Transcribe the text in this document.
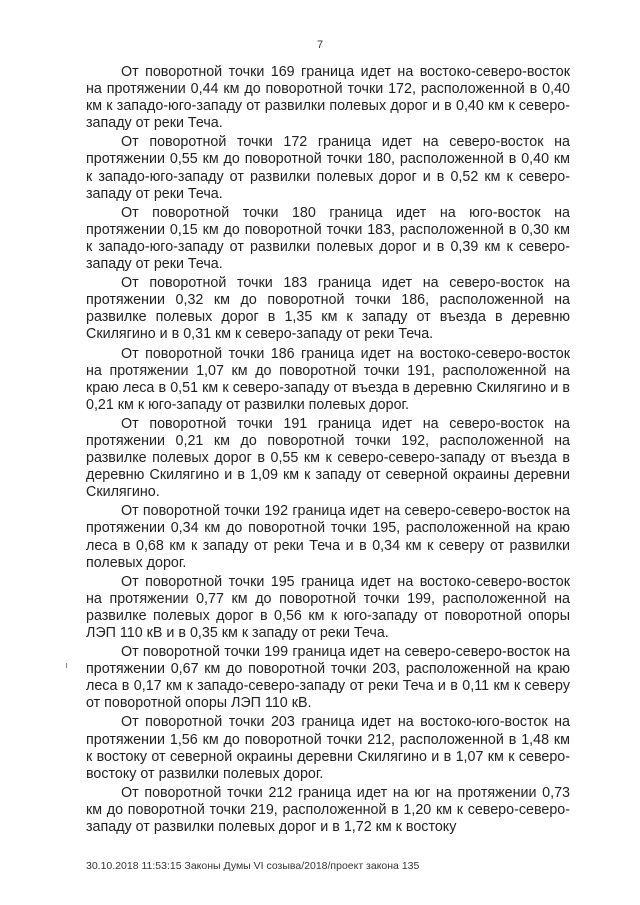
7

От поворотной точки 169 граница идет на востоко-северо-восток на протяжении 0,44 км до поворотной точки 172, расположенной в 0,40 км к западо-юго-западу от развилки полевых дорог и в 0,40 км к северо-западу от реки Теча.

От поворотной точки 172 граница идет на северо-восток на протяжении 0,55 км до поворотной точки 180, расположенной в 0,40 км к западо-юго-западу от развилки полевых дорог и в 0,52 км к северо-западу от реки Теча.

От поворотной точки 180 граница идет на юго-восток на протяжении 0,15 км до поворотной точки 183, расположенной в 0,30 км к западо-юго-западу от развилки полевых дорог и в 0,39 км к северо-западу от реки Теча.

От поворотной точки 183 граница идет на северо-восток на протяжении 0,32 км до поворотной точки 186, расположенной на развилке полевых дорог в 1,35 км к западу от въезда в деревню Скилягино и в 0,31 км к северо-западу от реки Теча.

От поворотной точки 186 граница идет на востоко-северо-восток на протяжении 1,07 км до поворотной точки 191, расположенной на краю леса в 0,51 км к северо-западу от въезда в деревню Скилягино и в 0,21 км к юго-западу от развилки полевых дорог.

От поворотной точки 191 граница идет на северо-восток на протяжении 0,21 км до поворотной точки 192, расположенной на развилке полевых дорог в 0,55 км к северо-северо-западу от въезда в деревню Скилягино и в 1,09 км к западу от северной окраины деревни Скилягино.

От поворотной точки 192 граница идет на северо-северо-восток на протяжении 0,34 км до поворотной точки 195, расположенной на краю леса в 0,68 км к западу от реки Теча и в 0,34 км к северу от развилки полевых дорог.

От поворотной точки 195 граница идет на востоко-северо-восток на протяжении 0,77 км до поворотной точки 199, расположенной на развилке полевых дорог в 0,56 км к юго-западу от поворотной опоры ЛЭП 110 кВ и в 0,35 км к западу от реки Теча.

От поворотной точки 199 граница идет на северо-северо-восток на протяжении 0,67 км до поворотной точки 203, расположенной на краю леса в 0,17 км к западо-северо-западу от реки Теча и в 0,11 км к северу от поворотной опоры ЛЭП 110 кВ.

От поворотной точки 203 граница идет на востоко-юго-восток на протяжении 1,56 км до поворотной точки 212, расположенной в 1,48 км к востоку от северной окраины деревни Скилягино и в 1,07 км к северо-востоку от развилки полевых дорог.

От поворотной точки 212 граница идет на юг на протяжении 0,73 км до поворотной точки 219, расположенной в 1,20 км к северо-северо-западу от развилки полевых дорог и в 1,72 км к востоку

30.10.2018 11:53:15 Законы Думы VI созыва/2018/проект закона 135
